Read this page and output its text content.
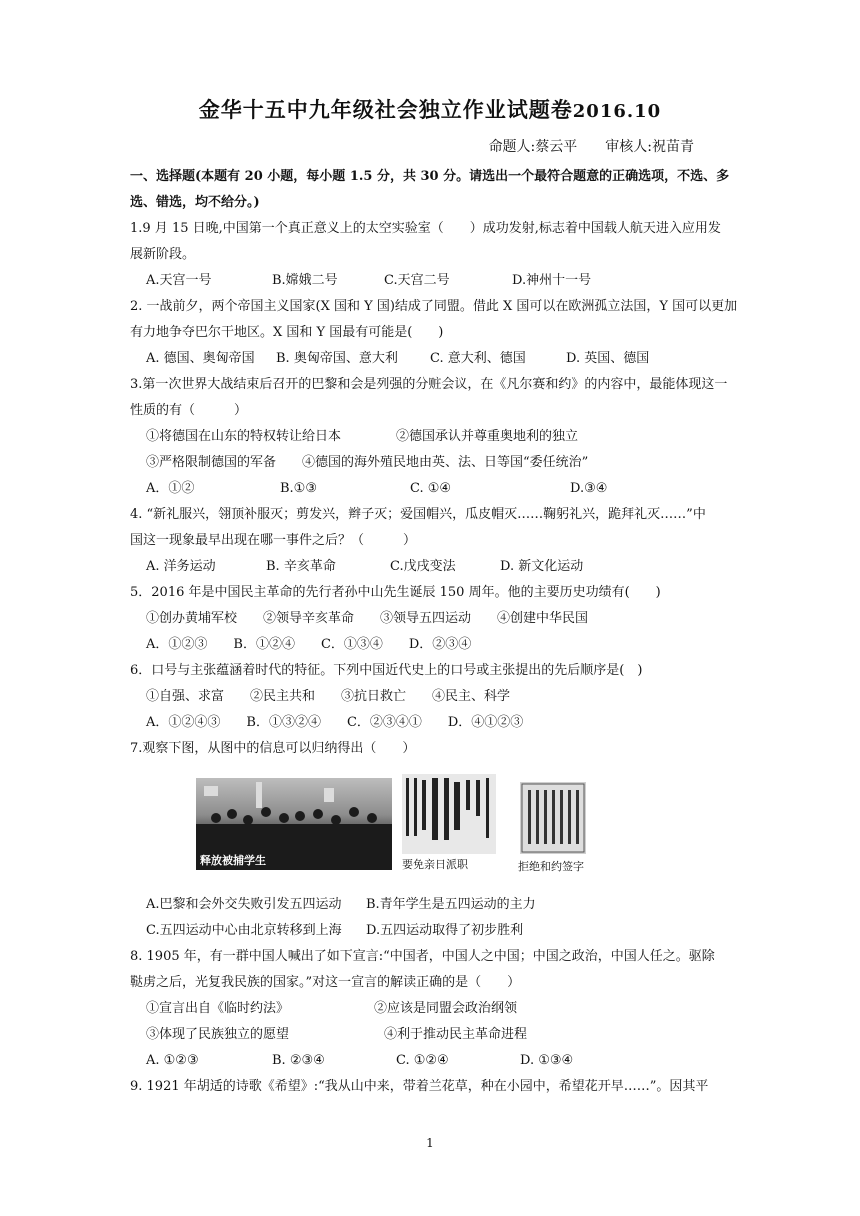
金华十五中九年级社会独立作业试题卷2016.10
命题人:蔡云平 审核人:祝苗青
一、选择题(本题有 20 小题，每小题 1.5 分，共 30 分。请选出一个最符合题意的正确选项，不选、多
选、错选，均不给分。)
1.9 月 15 日晚,中国第一个真正意义上的太空实验室（　　）成功发射,标志着中国载人航天进入应用发
展新阶段。
A.天宫一号	B.嫦娥二号	C.天宫二号	D.神州十一号
2. 一战前夕，两个帝国主义国家(X 国和 Y 国)结成了同盟。借此 X 国可以在欧洲孤立法国，Y 国可以更加
有力地争夺巴尔干地区。X 国和 Y 国最有可能是(　　)
A. 德国、奥匈帝国 B. 奥匈帝国、意大利 C. 意大利、德国	D. 英国、德国
3.第一次世界大战结束后召开的巴黎和会是列强的分赃会议，在《凡尔赛和约》的内容中，最能体现这一
性质的有（　　　）
①将德国在山东的特权转让给日本	②德国承认并尊重奥地利的独立
③严格限制德国的军备　　④德国的海外殖民地由英、法、日等国“委任统治”
A．①②	B.①③	C. ①④	D.③④
4. “新礼服兴，翎顶补服灭；剪发兴，辫子灭；爱国帽兴，瓜皮帽灭……鞠躬礼兴，跪拜礼灭……”中
国这一现象最早出现在哪一事件之后？（　　　）
A. 洋务运动	B. 辛亥革命	C.戊戌变法	D. 新文化运动
5．2016 年是中国民主革命的先行者孙中山先生诞辰 150 周年。他的主要历史功绩有(　　)
①创办黄埔军校　　②领导辛亥革命　　③领导五四运动　　④创建中华民国
A．①②③　　B．①②④　　C．①③④　　D．②③④
6．口号与主张蕴涵着时代的特征。下列中国近代史上的口号或主张提出的先后顺序是(　)
①自强、求富　　②民主共和　　③抗日救亡　　④民主、科学
A．①②④③　　B．①③②④　　C．②③④①　　D．④①②③
7.观察下图，从图中的信息可以归纳得出（　　）
释放被捕学生	要免亲日派职	拒绝和约签字
A.巴黎和会外交失败引发五四运动 B.青年学生是五四运动的主力
C.五四运动中心由北京转移到上海 D.五四运动取得了初步胜利
8. 1905 年，有一群中国人喊出了如下宣言:“中国者，中国人之中国；中国之政治，中国人任之。驱除
鞑虏之后，光复我民族的国家。”对这一宣言的解读正确的是（　　）
①宣言出自《临时约法》	②应该是同盟会政治纲领
③体现了民族独立的愿望	④利于推动民主革命进程
A. ①②③	B. ②③④	C. ①②④	D. ①③④
9. 1921 年胡适的诗歌《希望》:“我从山中来，带着兰花草，种在小园中，希望花开早……”。因其平
1
